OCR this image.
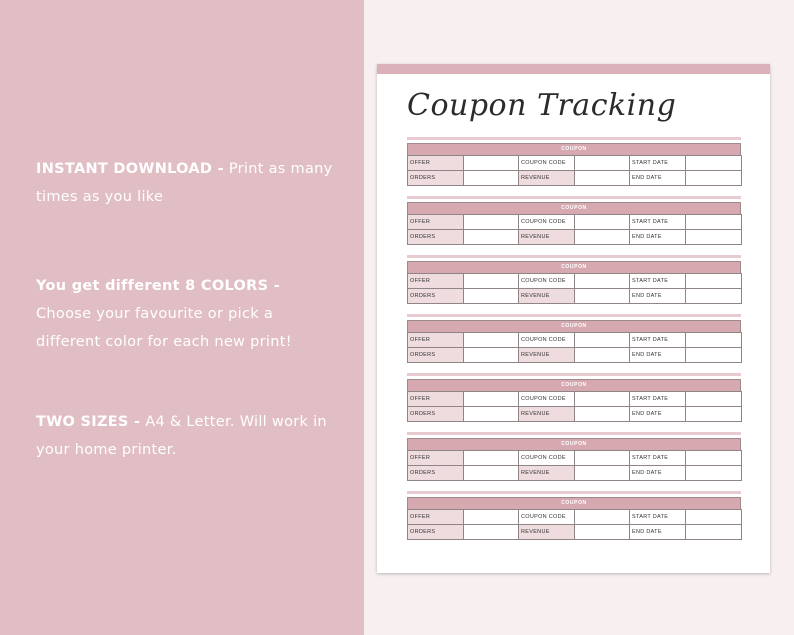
INSTANT DOWNLOAD - Print as many times as you like
You get different 8 COLORS - Choose your favourite or pick a different color for each new print!
TWO SIZES - A4 & Letter. Will work in your home printer.
Coupon Tracking
COUPON
OFFER		COUPON CODE		START DATE	
ORDERS		REVENUE		END DATE	
COUPON
OFFER		COUPON CODE		START DATE	
ORDERS		REVENUE		END DATE	
COUPON
OFFER		COUPON CODE		START DATE	
ORDERS		REVENUE		END DATE	
COUPON
OFFER		COUPON CODE		START DATE	
ORDERS		REVENUE		END DATE	
COUPON
OFFER		COUPON CODE		START DATE	
ORDERS		REVENUE		END DATE	
COUPON
OFFER		COUPON CODE		START DATE	
ORDERS		REVENUE		END DATE	
COUPON
OFFER		COUPON CODE		START DATE	
ORDERS		REVENUE		END DATE	
